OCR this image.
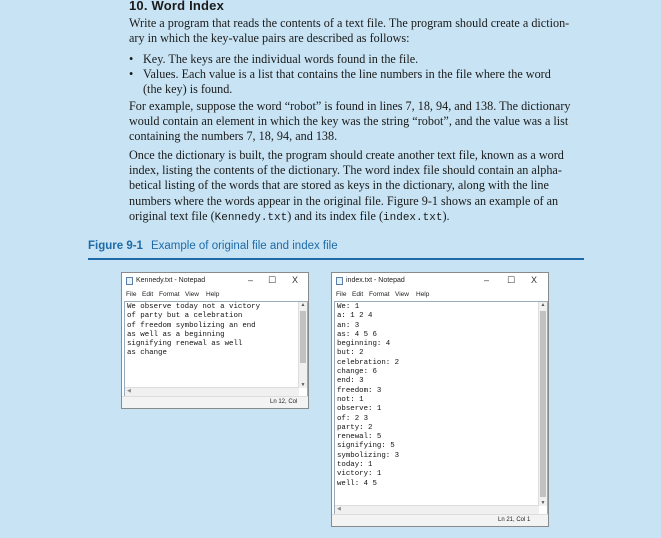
10. Word Index
Write a program that reads the contents of a text file. The program should create a diction-
ary in which the key-value pairs are described as follows:
• Key. The keys are the individual words found in the file.
• Values. Each value is a list that contains the line numbers in the file where the word
(the key) is found.
For example, suppose the word “robot” is found in lines 7, 18, 94, and 138. The dictionary
would contain an element in which the key was the string “robot”, and the value was a list
containing the numbers 7, 18, 94, and 138.
Once the dictionary is built, the program should create another text file, known as a word
index, listing the contents of the dictionary. The word index file should contain an alpha-
betical listing of the words that are stored as keys in the dictionary, along with the line
numbers where the words appear in the original file. Figure 9-1 shows an example of an
original text file (Kennedy.txt) and its index file (index.txt).
Figure 9-1 Example of original file and index file
Kennedy.txt - Notepad	– ☐ X
File Edit Format View Help
We observe today not a victory
of party but a celebration
of freedom symbolizing an end
as well as a beginning
signifying renewal as well
as change
▲
▼
◀
Ln 12, Col
index.txt - Notepad	– ☐ X
File Edit Format View Help
We: 1
a: 1 2 4
an: 3
as: 4 5 6
beginning: 4
but: 2
celebration: 2
change: 6
end: 3
freedom: 3
not: 1
observe: 1
of: 2 3
party: 2
renewal: 5
signifying: 5
symbolizing: 3
today: 1
victory: 1
well: 4 5
▲
▼
◀
Ln 21, Col 1
